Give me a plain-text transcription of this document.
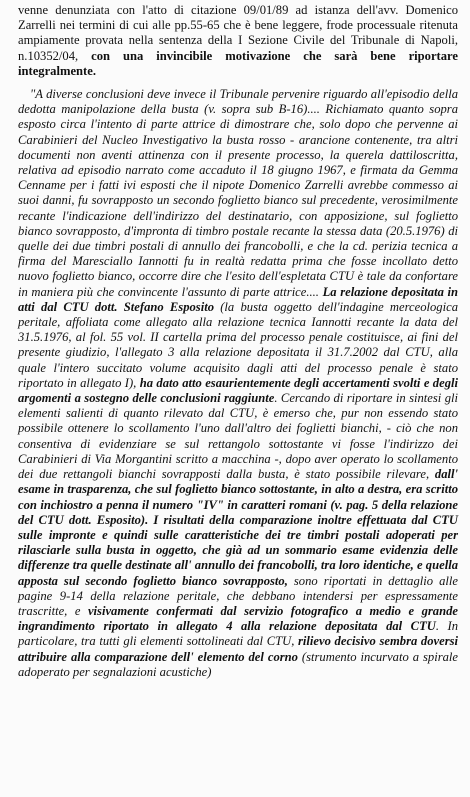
venne denunziata con l'atto di citazione 09/01/89 ad istanza dell'avv. Domenico Zarrelli nei termini di cui alle pp.55-65 che è bene leggere, frode processuale ritenuta ampiamente provata nella sentenza della I Sezione Civile del Tribunale di Napoli, n.10352/04, con una invincibile motivazione che sarà bene riportare integralmente.

"A diverse conclusioni deve invece il Tribunale pervenire riguardo all'episodio della dedotta manipolazione della busta (v. sopra sub B-16).... Richiamato quanto sopra esposto circa l'intento di parte attrice di dimostrare che, solo dopo che pervenne ai Carabinieri del Nucleo Investigativo la busta rosso - arancione contenente, tra altri documenti non aventi attinenza con il presente processo, la querela dattiloscritta, relativa ad episodio narrato come accaduto il 18 giugno 1967, e firmata da Gemma Cenname per i fatti ivi esposti che il nipote Domenico Zarrelli avrebbe commesso ai suoi danni, fu sovrapposto un secondo foglietto bianco sul precedente, verosimilmente recante l'indicazione dell'indirizzo del destinatario, con apposizione, sul foglietto bianco sovrapposto, d'impronta di timbro postale recante la stessa data (20.5.1976) di quelle dei due timbri postali di annullo dei francobolli, e che la cd. perizia tecnica a firma del Maresciallo Iannotti fu in realtà redatta prima che fosse incollato detto nuovo foglietto bianco, occorre dire che l'esito dell'espletata CTU è tale da confortare in maniera più che convincente l'assunto di parte attrice.... La relazione depositata in atti dal CTU dott. Stefano Esposito (la busta oggetto dell'indagine merceologica peritale, affoliata come allegato alla relazione tecnica Iannotti recante la data del 31.5.1976, al fol. 55 vol. II cartella prima del processo penale costituisce, ai fini del presente giudizio, l'allegato 3 alla relazione depositata il 31.7.2002 dal CTU, alla quale l'intero succitato volume acquisito dagli atti del processo penale è stato riportato in allegato I), ha dato atto esaurientemente degli accertamenti svolti e degli argomenti a sostegno delle conclusioni raggiunte. Cercando di riportare in sintesi gli elementi salienti di quanto rilevato dal CTU, è emerso che, pur non essendo stato possibile ottenere lo scollamento l'uno dall'altro dei foglietti bianchi, - ciò che non consentiva di evidenziare se sul rettangolo sottostante vi fosse l'indirizzo dei Carabinieri di Via Morgantini scritto a macchina -, dopo aver operato lo scollamento dei due rettangoli bianchi sovrapposti dalla busta, è stato possibile rilevare, dall' esame in trasparenza, che sul foglietto bianco sottostante, in alto a destra, era scritto con inchiostro a penna il numero "IV" in caratteri romani (v. pag. 5 della relazione del CTU dott. Esposito). I risultati della comparazione inoltre effettuata dal CTU sulle impronte e quindi sulle caratteristiche dei tre timbri postali adoperati per rilasciarle sulla busta in oggetto, che già ad un sommario esame evidenzia delle differenze tra quelle destinate all' annullo dei francobolli, tra loro identiche, e quella apposta sul secondo foglietto bianco sovrapposto, sono riportati in dettaglio alle pagine 9-14 della relazione peritale, che debbano intendersi per espressamente trascritte, e visivamente confermati dal servizio fotografico a medio e grande ingrandimento riportato in allegato 4 alla relazione depositata dal CTU. In particolare, tra tutti gli elementi sottolineati dal CTU, rilievo decisivo sembra doversi attribuire alla comparazione dell' elemento del corno (strumento incurvato a spirale adoperato per segnalazioni acustiche)
